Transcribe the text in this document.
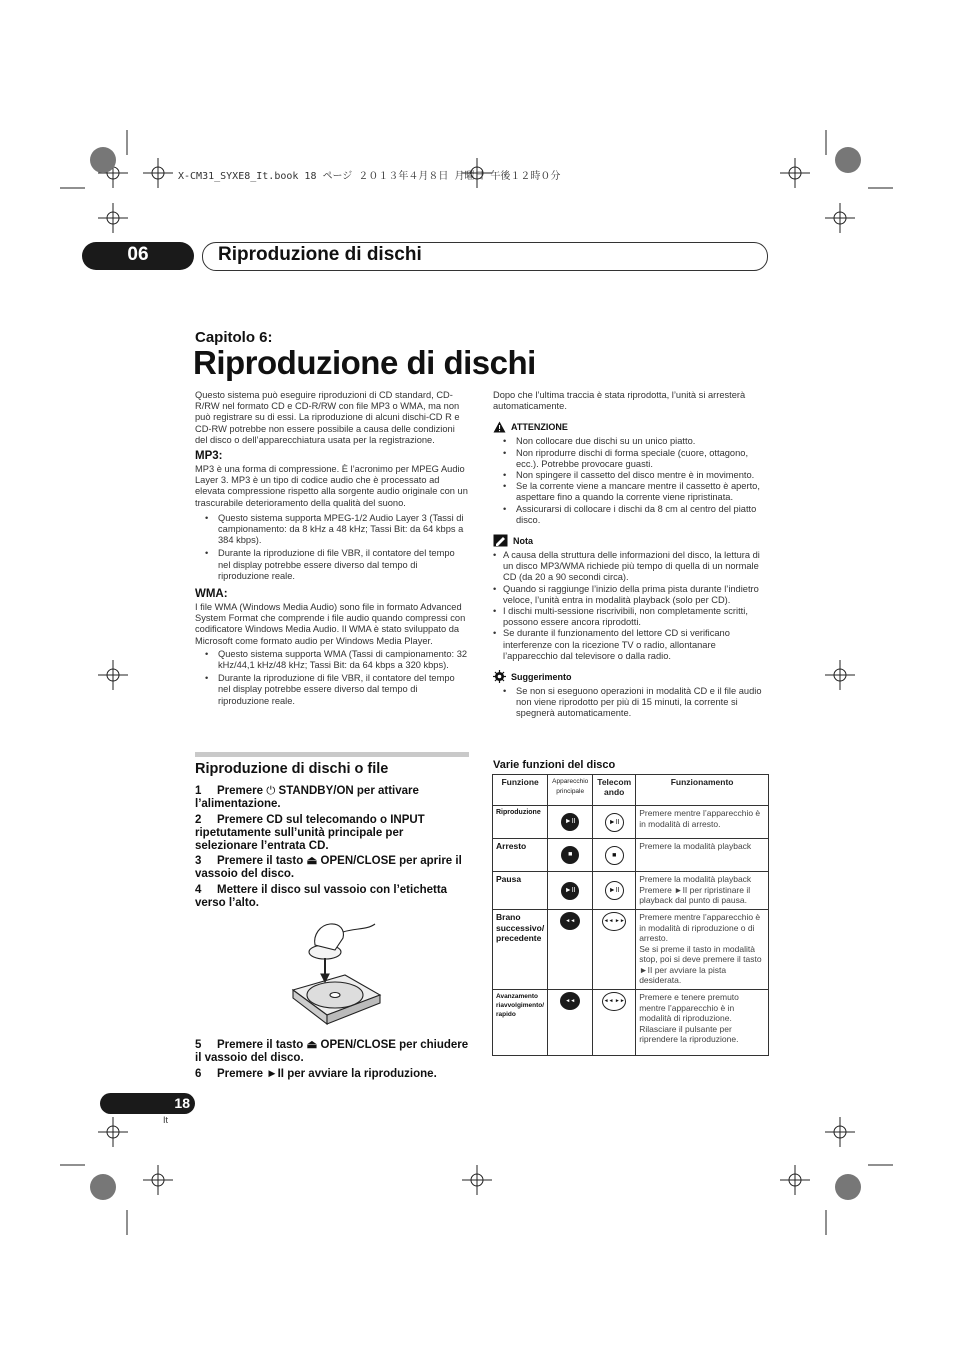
X-CM31_SYXE8_It.book 18 ページ ２０１３年４月８日 月曜日 午後１２時０分
06	Riproduzione di dischi
Capitolo 6:
Riproduzione di dischi
Questo sistema può eseguire riproduzioni di CD standard, CD-R/RW nel formato CD e CD-R/RW con file MP3 o WMA, ma non può registrare su di essi. La riproduzione di alcuni dischi-CD R e CD-RW potrebbe non essere possibile a causa delle condizioni del disco o dell’apparecchiatura usata per la registrazione.
MP3:
MP3 è una forma di compressione. È l’acronimo per MPEG Audio Layer 3. MP3 è un tipo di codice audio che è processato ad elevata compressione rispetto alla sorgente audio originale con un trascurabile deterioramento della qualità del suono.
• Questo sistema supporta MPEG-1/2 Audio Layer 3 (Tassi di campionamento: da 8 kHz a 48 kHz; Tassi Bit: da 64 kbps a 384 kbps).
• Durante la riproduzione di file VBR, il contatore del tempo nel display potrebbe essere diverso dal tempo di riproduzione reale.
WMA:
I file WMA (Windows Media Audio) sono file in formato Advanced System Format che comprende i file audio quando compressi con codificatore Windows Media Audio. Il WMA è stato sviluppato da Microsoft come formato audio per Windows Media Player.
• Questo sistema supporta WMA (Tassi di campionamento: 32 kHz/44,1 kHz/48 kHz; Tassi Bit: da 64 kbps a 320 kbps).
• Durante la riproduzione di file VBR, il contatore del tempo nel display potrebbe essere diverso dal tempo di riproduzione reale.
Riproduzione di dischi o file
1 Premere ⏻ STANDBY/ON per attivare l’alimentazione.
2 Premere CD sul telecomando o INPUT ripetutamente sull’unità principale per selezionare l’entrata CD.
3 Premere il tasto ⏏ OPEN/CLOSE per aprire il vassoio del disco.
4 Mettere il disco sul vassoio con l’etichetta verso l’alto.
5 Premere il tasto ⏏ OPEN/CLOSE per chiudere il vassoio del disco.
6 Premere ►II per avviare la riproduzione.
Dopo che l’ultima traccia è stata riprodotta, l’unità si arresterà automaticamente.
ATTENZIONE
• Non collocare due dischi su un unico piatto.
• Non riprodurre dischi di forma speciale (cuore, ottagono, ecc.). Potrebbe provocare guasti.
• Non spingere il cassetto del disco mentre è in movimento.
• Se la corrente viene a mancare mentre il cassetto è aperto, aspettare fino a quando la corrente viene ripristinata.
• Assicurarsi di collocare i dischi da 8 cm al centro del piatto disco.
Nota
• A causa della struttura delle informazioni del disco, la lettura di un disco MP3/WMA richiede più tempo di quella di un normale CD (da 20 a 90 secondi circa).
• Quando si raggiunge l’inizio della prima pista durante l’indietro veloce, l’unità entra in modalità playback (solo per CD).
• I dischi multi-sessione riscrivibili, non completamente scritti, possono essere ancora riprodotti.
• Se durante il funzionamento del lettore CD si verificano interferenze con la ricezione TV o radio, allontanare l’apparecchio dal televisore o dalla radio.
Suggerimento
• Se non si eseguono operazioni in modalità CD e il file audio non viene riprodotto per più di 15 minuti, la corrente si spegnerà automaticamente.
Varie funzioni del disco
Funzione	Apparecchio principale	Telecom ando	Funzionamento
Riproduzione	►II	►II	Premere mentre l’apparecchio è in modalità di arresto.
Arresto	■	■	Premere la modalità playback
Pausa	►II	►II	Premere la modalità playback
Premere ►II per ripristinare il playback dal punto di pausa.
Brano successivo/ precedente	◄◄ ►►	◄◄ ►►	Premere mentre l’apparecchio è in modalità di riproduzione o di arresto.
Se si preme il tasto in modalità stop, poi si deve premere il tasto ►II per avviare la pista desiderata.
Avanzamento riavvolgimento/ rapido	◄◄ ►►	◄◄ ►►	Premere e tenere premuto mentre l’apparecchio è in modalità di riproduzione.
Rilasciare il pulsante per riprendere la riproduzione.
18
It
